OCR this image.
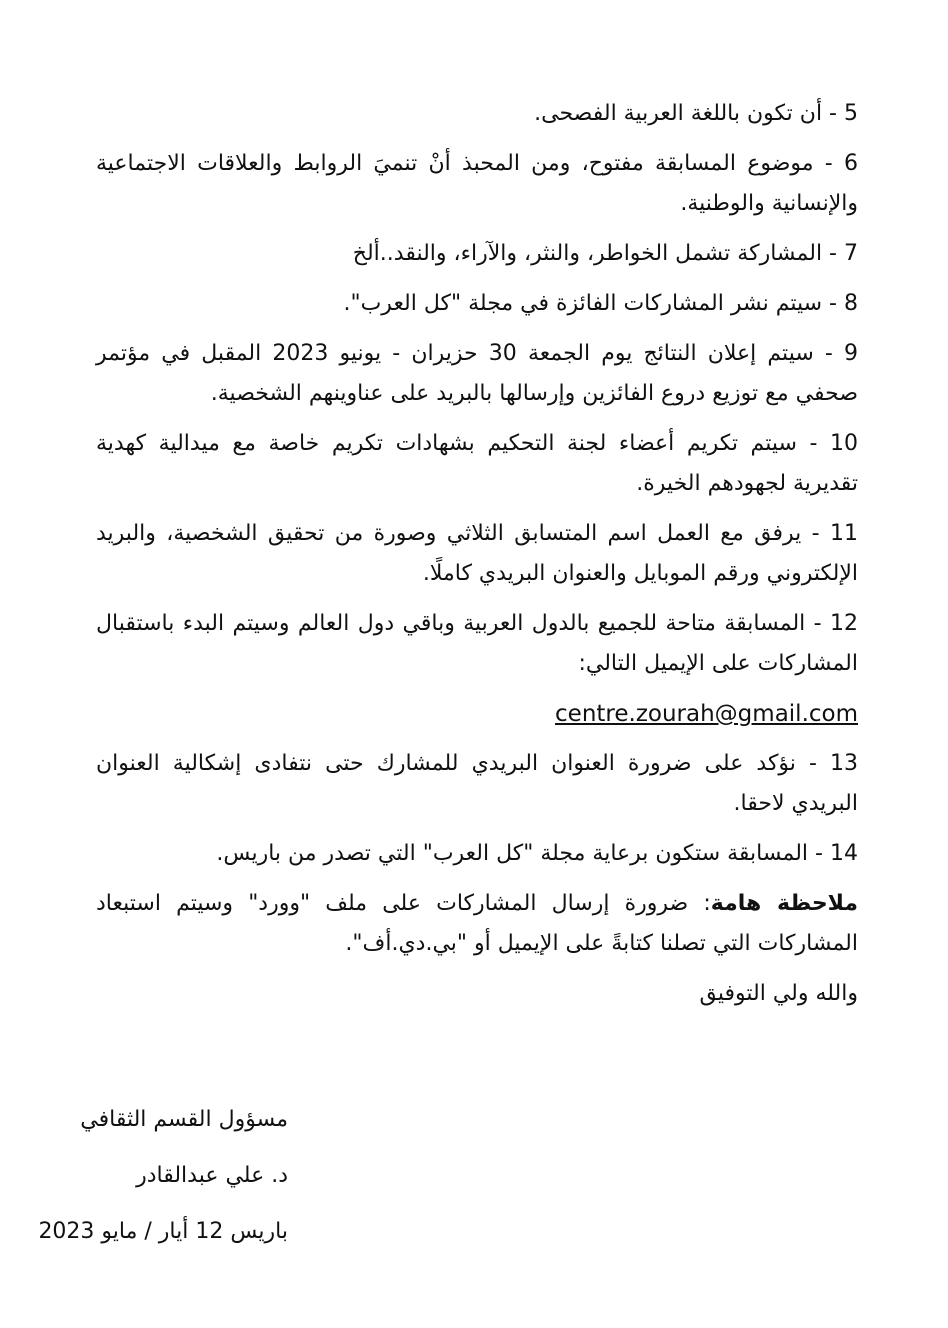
5 - أن تكون باللغة العربية الفصحى.

6 - موضوع المسابقة مفتوح، ومن المحبذ أنْ تنميَ الروابط والعلاقات الاجتماعية والإنسانية والوطنية.

7 - المشاركة تشمل الخواطر، والنثر، والآراء، والنقد..ألخ

8 - سيتم نشر المشاركات الفائزة في مجلة "كل العرب".

9 - سيتم إعلان النتائج يوم الجمعة 30 حزيران - يونيو 2023 المقبل في مؤتمر صحفي مع توزيع دروع الفائزين وإرسالها بالبريد على عناوينهم الشخصية.

10 - سيتم تكريم أعضاء لجنة التحكيم بشهادات تكريم خاصة مع ميدالية كهدية تقديرية لجهودهم الخيرة.

11 - يرفق مع العمل اسم المتسابق الثلاثي وصورة من تحقيق الشخصية، والبريد الإلكتروني ورقم الموبايل والعنوان البريدي كاملًا.

12 - المسابقة متاحة للجميع بالدول العربية وباقي دول العالم وسيتم البدء باستقبال المشاركات على الإيميل التالي:

centre.zourah@gmail.com

13 - نؤكد على ضرورة العنوان البريدي للمشارك حتى نتفادى إشكالية العنوان البريدي لاحقا.

14 - المسابقة ستكون برعاية مجلة "كل العرب" التي تصدر من باريس.

ملاحظة هامة: ضرورة إرسال المشاركات على ملف "وورد" وسيتم استبعاد المشاركات التي تصلنا كتابةً على الإيميل أو "بي.دي.أف".

والله ولي التوفيق

مسؤول القسم الثقافي
د. علي عبدالقادر
باريس 12 أيار / مايو 2023
